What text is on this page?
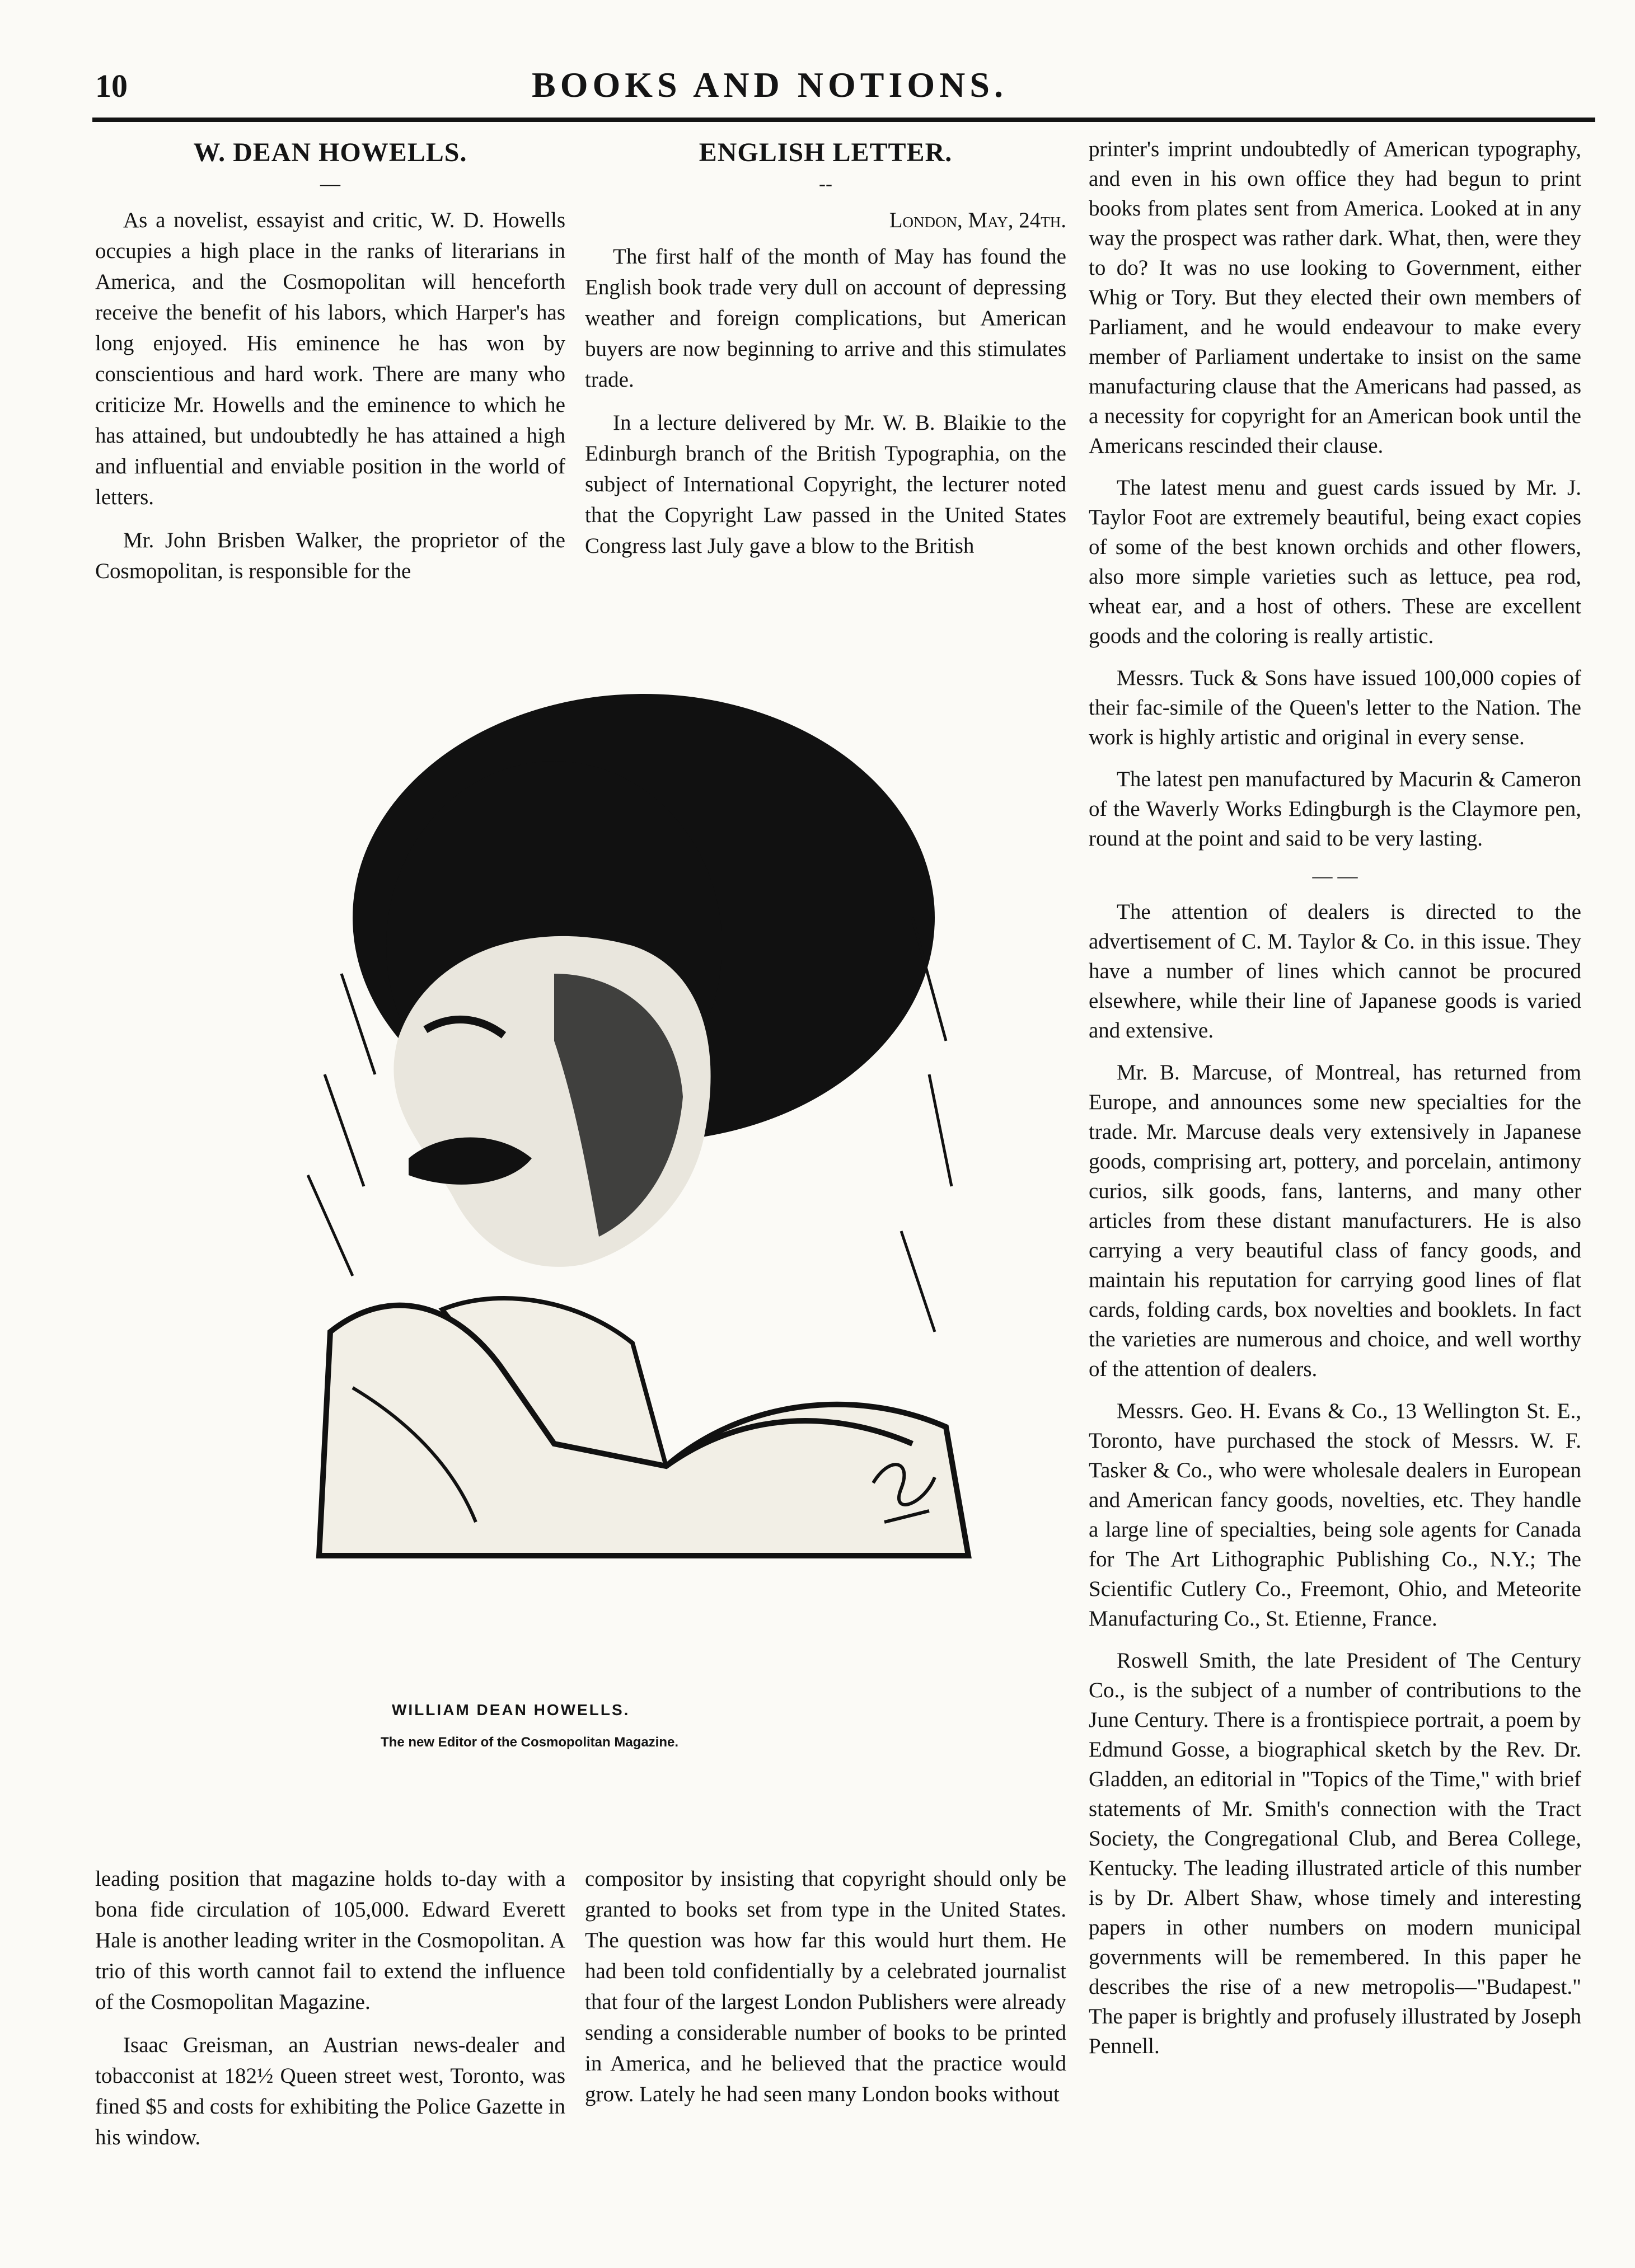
10	BOOKS AND NOTIONS.
W. DEAN HOWELLS.
—

As a novelist, essayist and critic, W. D. Howells occupies a high place in the ranks of literarians in America, and the Cosmopolitan will henceforth receive the benefit of his labors, which Harper's has long enjoyed. His eminence he has won by conscientious and hard work. There are many who criticize Mr. Howells and the eminence to which he has attained, but undoubtedly he has attained a high and influential and enviable position in the world of letters.

Mr. John Brisben Walker, the proprietor of the Cosmopolitan, is responsible for the

ENGLISH LETTER.
--
London, May, 24th.

The first half of the month of May has found the English book trade very dull on account of depressing weather and foreign complications, but American buyers are now beginning to arrive and this stimulates trade.

In a lecture delivered by Mr. W. B. Blaikie to the Edinburgh branch of the British Typographia, on the subject of International Copyright, the lecturer noted that the Copyright Law passed in the United States Congress last July gave a blow to the British

printer's imprint undoubtedly of American typography, and even in his own office they had begun to print books from plates sent from America. Looked at in any way the prospect was rather dark. What, then, were they to do? It was no use looking to Government, either Whig or Tory. But they elected their own members of Parliament, and he would endeavour to make every member of Parliament undertake to insist on the same manufacturing clause that the Americans had passed, as a necessity for copyright for an American book until the Americans rescinded their clause.

The latest menu and guest cards issued by Mr. J. Taylor Foot are extremely beautiful, being exact copies of some of the best known orchids and other flowers, also more simple varieties such as lettuce, pea rod, wheat ear, and a host of others. These are excellent goods and the coloring is really artistic.

Messrs. Tuck & Sons have issued 100,000 copies of their fac-simile of the Queen's letter to the Nation. The work is highly artistic and original in every sense.

The latest pen manufactured by Macurin & Cameron of the Waverly Works Edingburgh is the Claymore pen, round at the point and said to be very lasting.

— —

The attention of dealers is directed to the advertisement of C. M. Taylor & Co. in this issue. They have a number of lines which cannot be procured elsewhere, while their line of Japanese goods is varied and extensive.

Mr. B. Marcuse, of Montreal, has returned from Europe, and announces some new specialties for the trade. Mr. Marcuse deals very extensively in Japanese goods, comprising art, pottery, and porcelain, antimony curios, silk goods, fans, lanterns, and many other articles from these distant manufacturers. He is also carrying a very beautiful class of fancy goods, and maintain his reputation for carrying good lines of flat cards, folding cards, box novelties and booklets. In fact the varieties are numerous and choice, and well worthy of the attention of dealers.

Messrs. Geo. H. Evans & Co., 13 Wellington St. E., Toronto, have purchased the stock of Messrs. W. F. Tasker & Co., who were wholesale dealers in European and American fancy goods, novelties, etc. They handle a large line of specialties, being sole agents for Canada for The Art Lithographic Publishing Co., N.Y.; The Scientific Cutlery Co., Freemont, Ohio, and Meteorite Manufacturing Co., St. Etienne, France.

Roswell Smith, the late President of The Century Co., is the subject of a number of contributions to the June Century. There is a frontispiece portrait, a poem by Edmund Gosse, a biographical sketch by the Rev. Dr. Gladden, an editorial in "Topics of the Time," with brief statements of Mr. Smith's connection with the Tract Society, the Congregational Club, and Berea College, Kentucky. The leading illustrated article of this number is by Dr. Albert Shaw, whose timely and interesting papers in other numbers on modern municipal governments will be remembered. In this paper he describes the rise of a new metropolis—"Budapest." The paper is brightly and profusely illustrated by Joseph Pennell.

WILLIAM DEAN HOWELLS.
The new Editor of the Cosmopolitan Magazine.

leading position that magazine holds to-day with a bona fide circulation of 105,000. Edward Everett Hale is another leading writer in the Cosmopolitan. A trio of this worth cannot fail to extend the influence of the Cosmopolitan Magazine.

Isaac Greisman, an Austrian news-dealer and tobacconist at 182½ Queen street west, Toronto, was fined $5 and costs for exhibiting the Police Gazette in his window.

compositor by insisting that copyright should only be granted to books set from type in the United States. The question was how far this would hurt them. He had been told confidentially by a celebrated journalist that four of the largest London Publishers were already sending a considerable number of books to be printed in America, and he believed that the practice would grow. Lately he had seen many London books without
